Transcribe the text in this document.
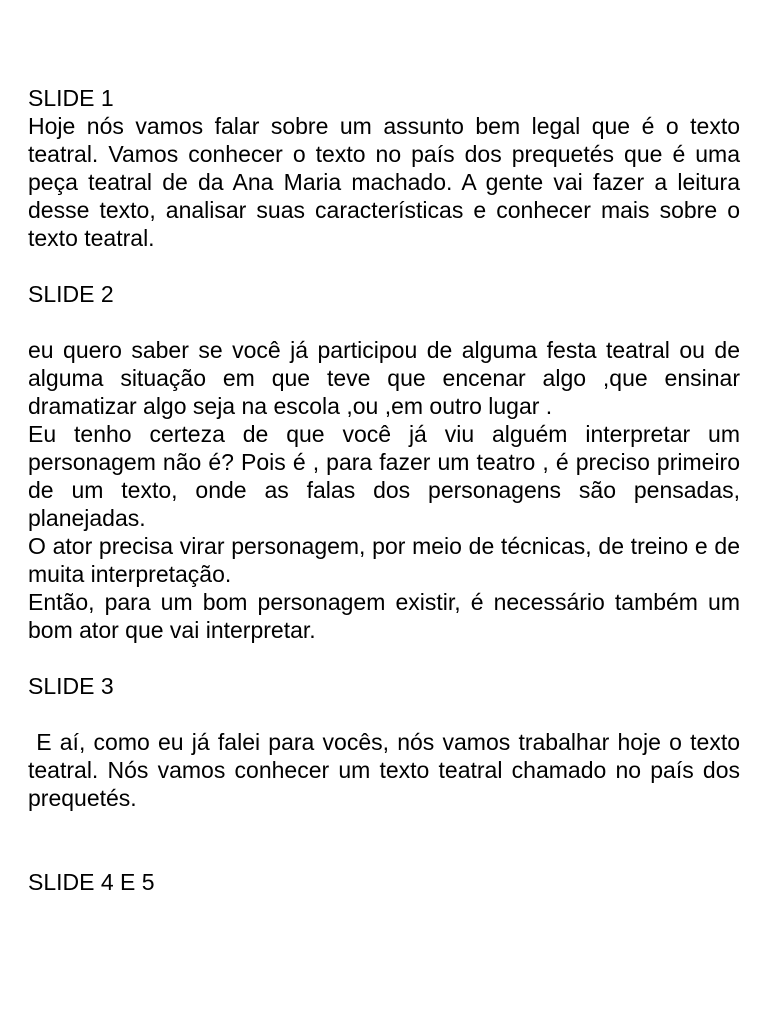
SLIDE 1

Hoje nós vamos falar sobre um assunto bem legal que é o texto teatral. Vamos conhecer o texto no país dos prequetés que é uma peça teatral de da Ana Maria machado. A gente vai fazer a leitura desse texto, analisar suas características e conhecer mais sobre o texto teatral.

SLIDE 2

eu quero saber se você já participou de alguma festa teatral ou de alguma situação em que teve que encenar algo ,que ensinar dramatizar algo seja na escola ,ou ,em outro lugar .

Eu tenho certeza de que você já viu alguém interpretar um personagem não é? Pois é , para fazer um teatro , é preciso primeiro de um texto, onde as falas dos personagens são pensadas, planejadas.

O ator precisa virar personagem, por meio de técnicas, de treino e de muita interpretação.

Então, para um bom personagem existir, é necessário também um bom ator que vai interpretar.

SLIDE 3

E aí, como eu já falei para vocês, nós vamos trabalhar hoje o texto teatral. Nós vamos conhecer um texto teatral chamado no país dos prequetés.

SLIDE 4 E 5
